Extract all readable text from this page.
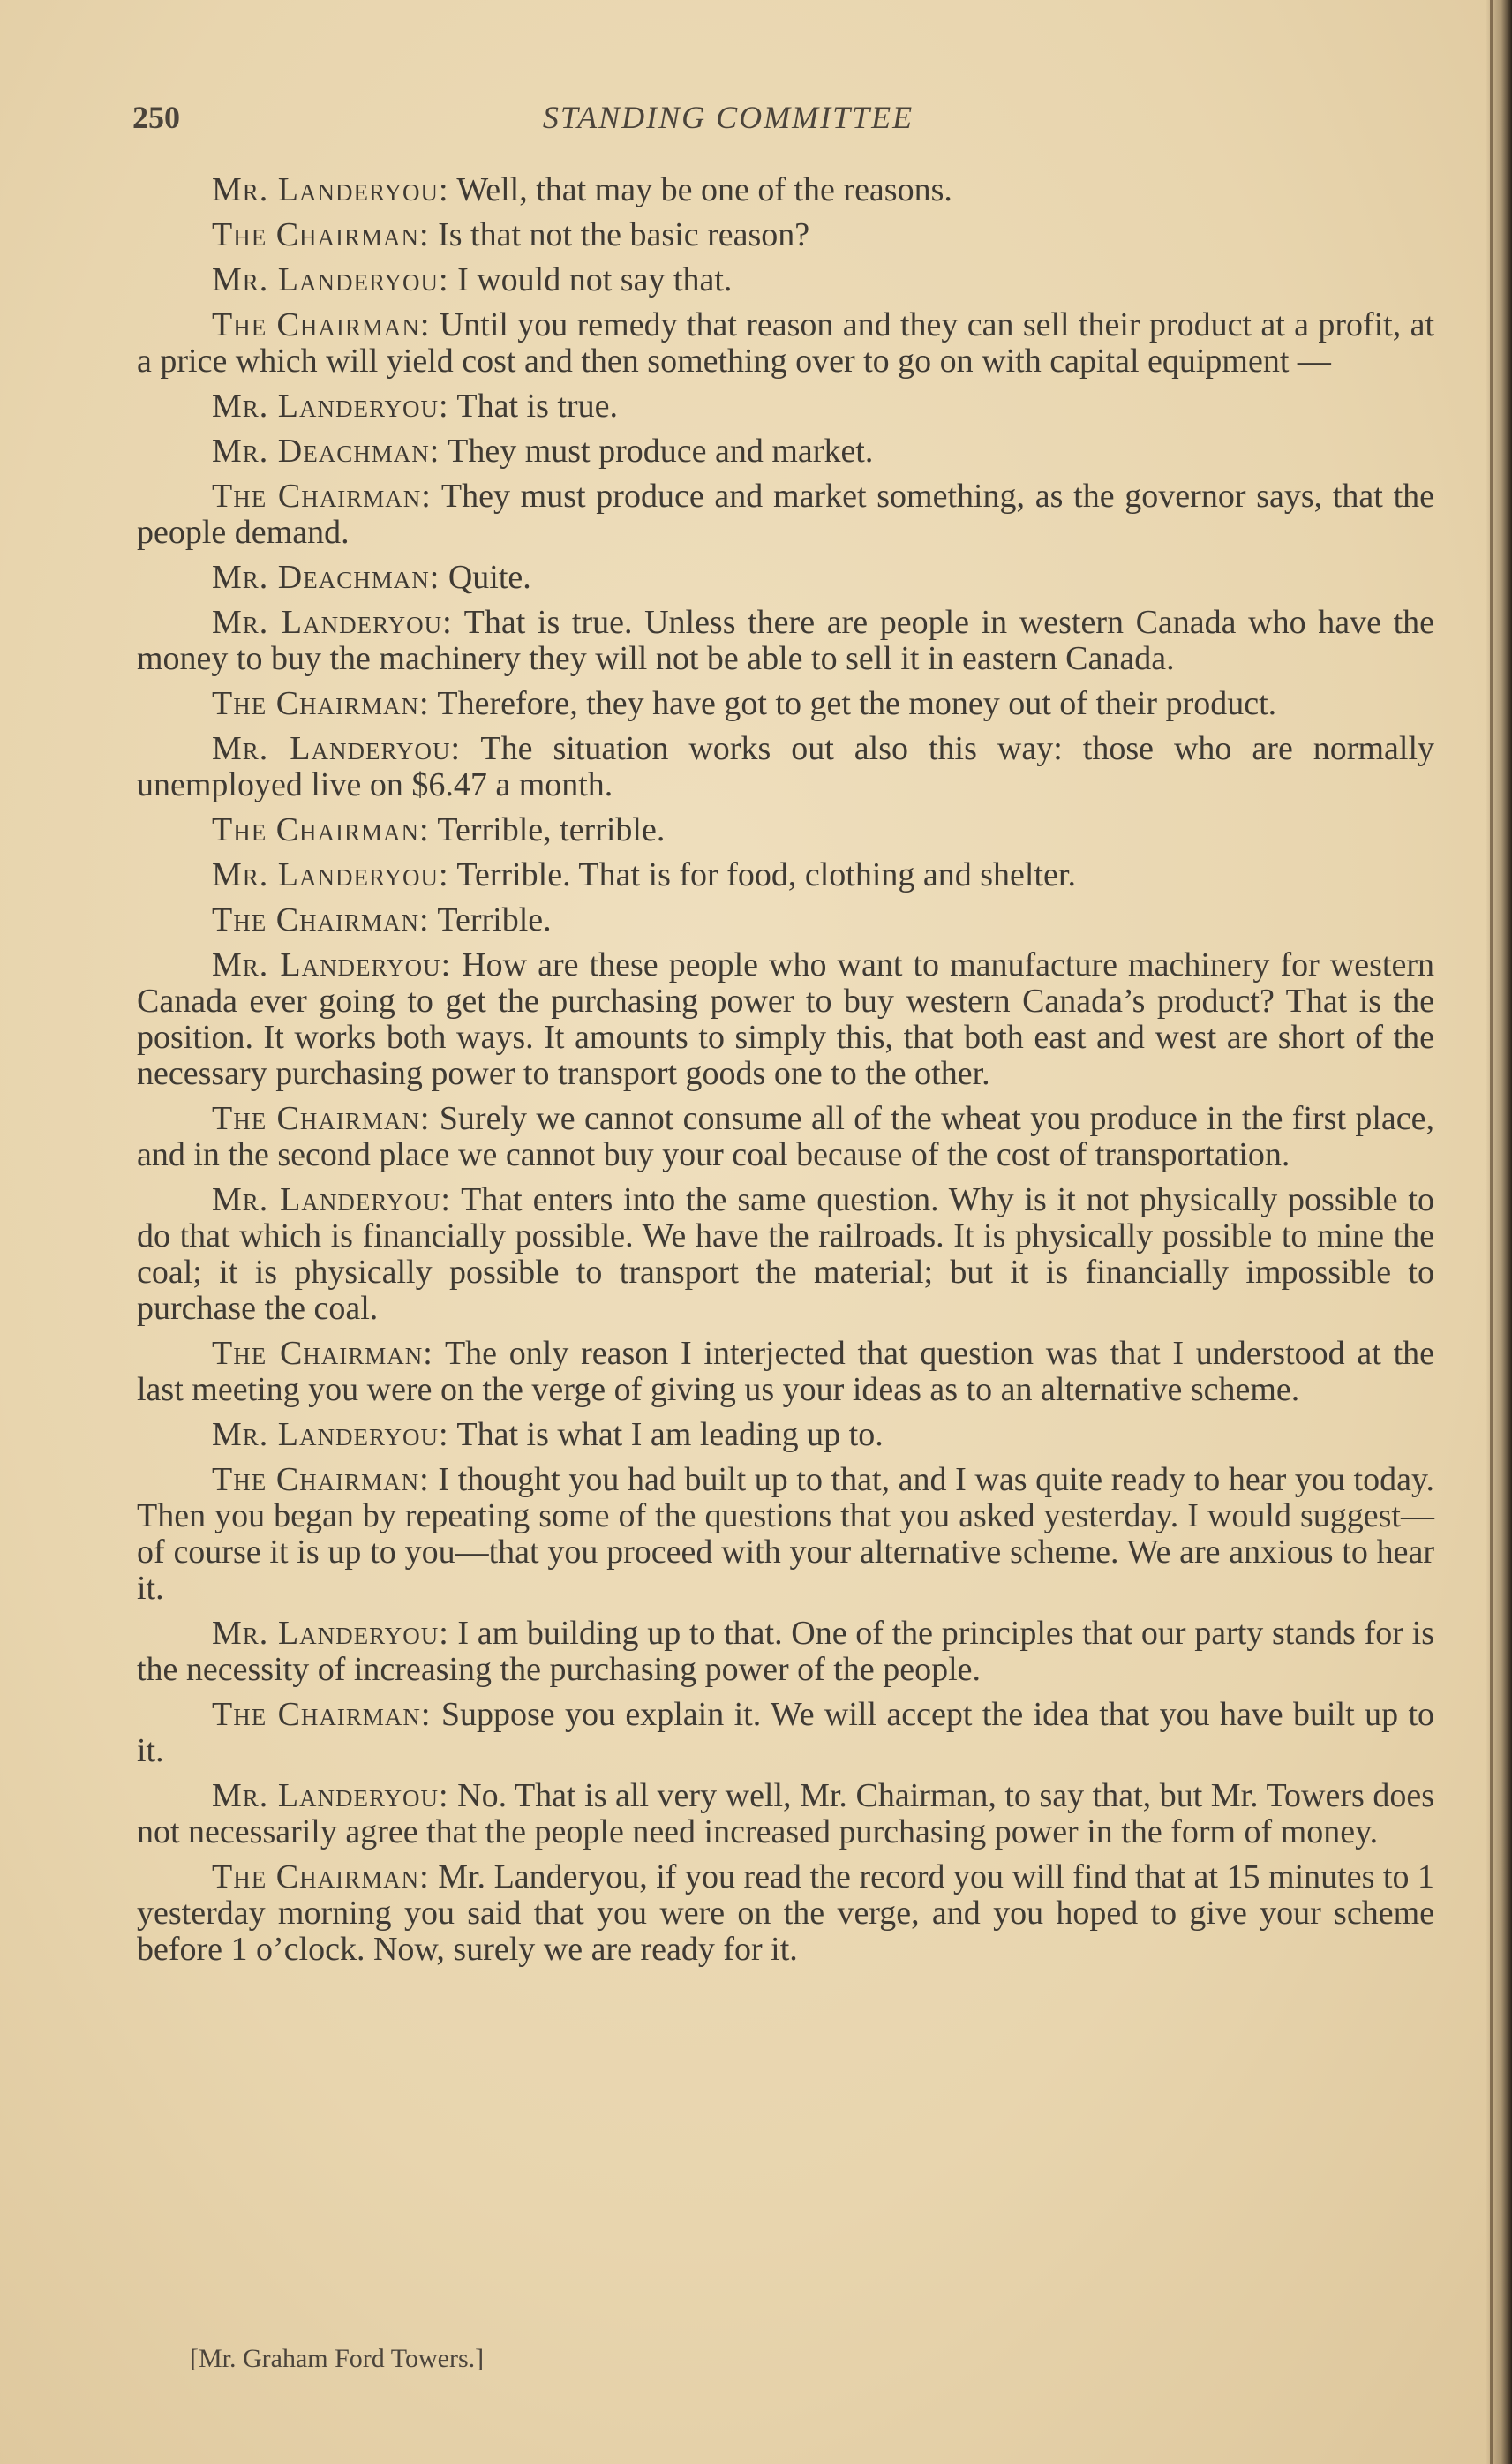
250	STANDING COMMITTEE

Mr. Landeryou: Well, that may be one of the reasons.

The Chairman: Is that not the basic reason?

Mr. Landeryou: I would not say that.

The Chairman: Until you remedy that reason and they can sell their product at a profit, at a price which will yield cost and then something over to go on with capital equipment —

Mr. Landeryou: That is true.

Mr. Deachman: They must produce and market.

The Chairman: They must produce and market something, as the governor says, that the people demand.

Mr. Deachman: Quite.

Mr. Landeryou: That is true. Unless there are people in western Canada who have the money to buy the machinery they will not be able to sell it in eastern Canada.

The Chairman: Therefore, they have got to get the money out of their product.

Mr. Landeryou: The situation works out also this way: those who are normally unemployed live on $6.47 a month.

The Chairman: Terrible, terrible.

Mr. Landeryou: Terrible. That is for food, clothing and shelter.

The Chairman: Terrible.

Mr. Landeryou: How are these people who want to manufacture machinery for western Canada ever going to get the purchasing power to buy western Canada’s product? That is the position. It works both ways. It amounts to simply this, that both east and west are short of the necessary purchasing power to transport goods one to the other.

The Chairman: Surely we cannot consume all of the wheat you produce in the first place, and in the second place we cannot buy your coal because of the cost of transportation.

Mr. Landeryou: That enters into the same question. Why is it not physically possible to do that which is financially possible. We have the railroads. It is physically possible to mine the coal; it is physically possible to transport the material; but it is financially impossible to purchase the coal.

The Chairman: The only reason I interjected that question was that I understood at the last meeting you were on the verge of giving us your ideas as to an alternative scheme.

Mr. Landeryou: That is what I am leading up to.

The Chairman: I thought you had built up to that, and I was quite ready to hear you today. Then you began by repeating some of the questions that you asked yesterday. I would suggest—of course it is up to you—that you proceed with your alternative scheme. We are anxious to hear it.

Mr. Landeryou: I am building up to that. One of the principles that our party stands for is the necessity of increasing the purchasing power of the people.

The Chairman: Suppose you explain it. We will accept the idea that you have built up to it.

Mr. Landeryou: No. That is all very well, Mr. Chairman, to say that, but Mr. Towers does not necessarily agree that the people need increased purchasing power in the form of money.

The Chairman: Mr. Landeryou, if you read the record you will find that at 15 minutes to 1 yesterday morning you said that you were on the verge, and you hoped to give your scheme before 1 o’clock. Now, surely we are ready for it.

[Mr. Graham Ford Towers.]
